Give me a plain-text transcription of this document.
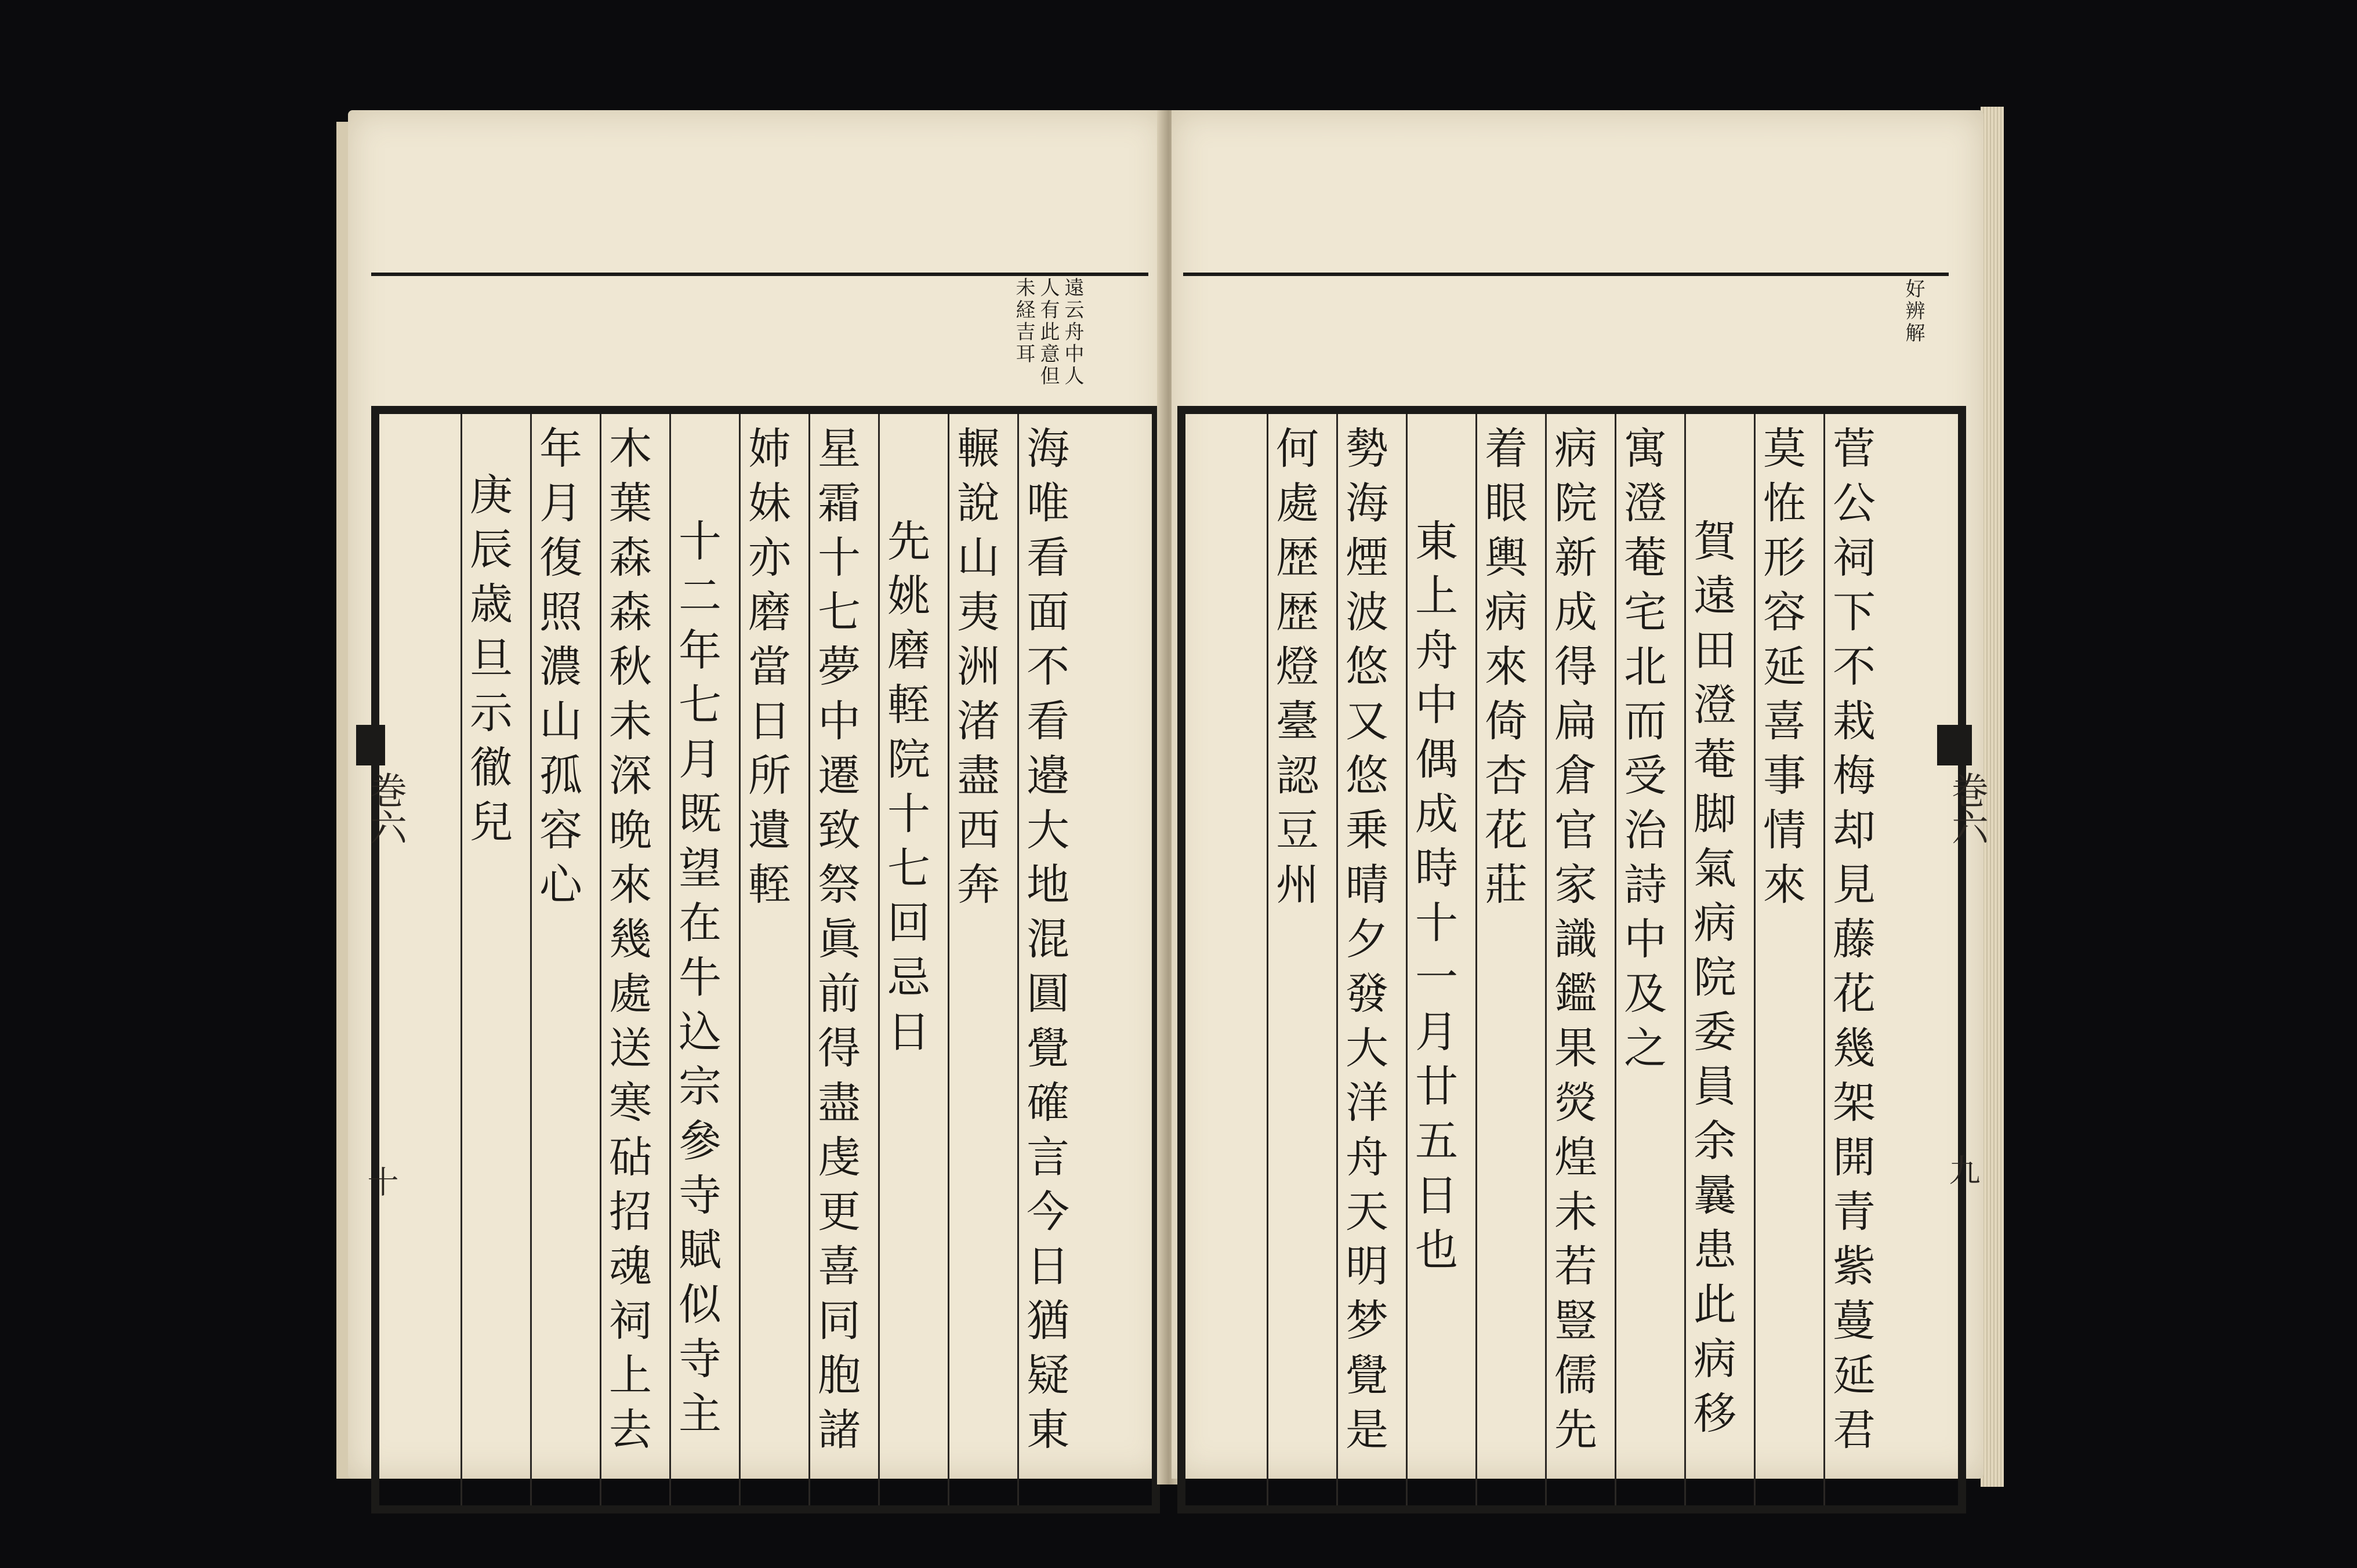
遠云舟中人
人有此意但
未経吉耳
海唯看面不看邉大地混圓覺確言今日猶疑東
輾說山夷洲渚盡西奔
先姚磨輊院十七回忌日
星霜十七夢中遷致祭眞前得盡虔更喜同胞諸
姉妹亦磨當日所遺輊
十二年七月既望在牛込宗參寺賦似寺主
木葉森森秋未深晩來幾處送寒砧招魂祠上去
年月復照濃山孤容心
庚辰歳旦示徹兒
巻六
十
好辨解
菅公祠下不栽梅却見藤花幾架開青紫蔓延君
莫恠形容延喜事情來
賀遠田澄菴脚氣病院委員余曩患此病移
寓澄菴宅北而受治詩中及之
病院新成得扁倉官家識鑑果熒煌未若豎儒先
着眼輿病來倚杏花莊
東上舟中偶成時十一月廿五日也
勢海煙波悠又悠乗晴夕發大洋舟天明梦覺是
何處歴歴燈臺認豆州	巻六
九
